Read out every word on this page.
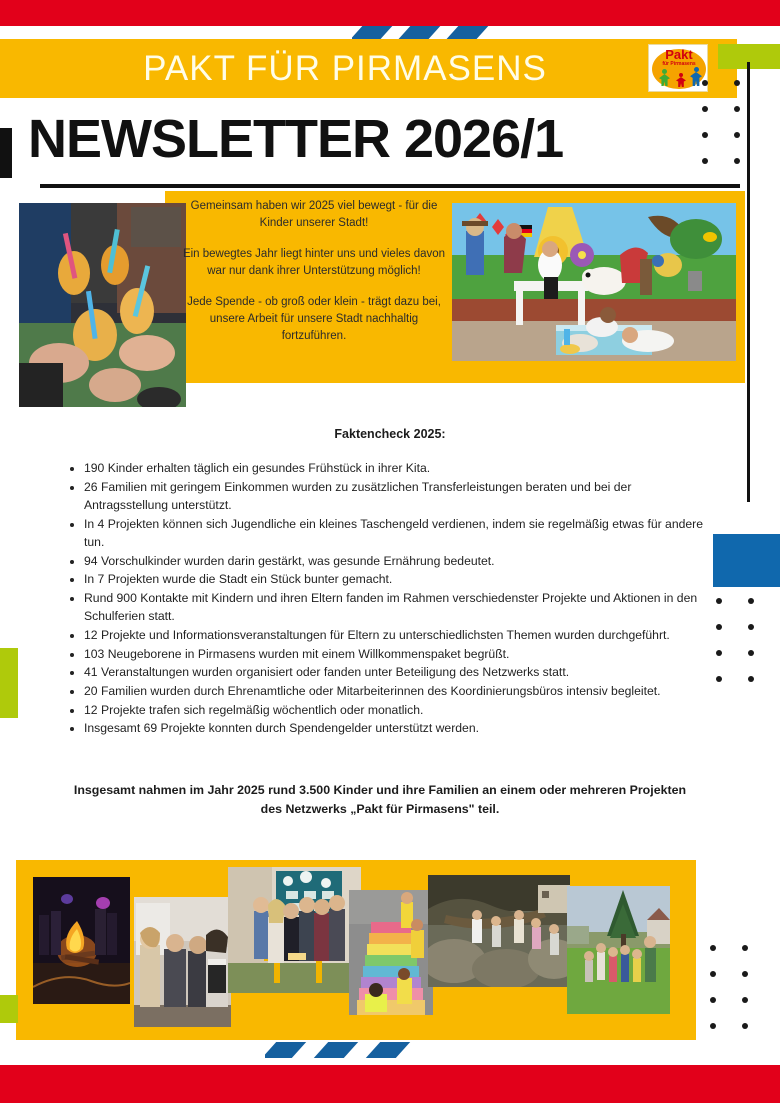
PAKT FÜR PIRMASENS	Pakt
für Pirmasens
NEWSLETTER 2026/1

Gemeinsam haben wir 2025 viel bewegt - für die Kinder unserer Stadt!

Ein bewegtes Jahr liegt hinter uns und vieles davon war nur dank ihrer Unterstützung möglich!

Jede Spende - ob groß oder klein - trägt dazu bei, unsere Arbeit für unsere Stadt nachhaltig fortzuführen.

Faktencheck 2025:
• 190 Kinder erhalten täglich ein gesundes Frühstück in ihrer Kita.
• 26 Familien mit geringem Einkommen wurden zu zusätzlichen Transferleistungen beraten und bei der Antragsstellung unterstützt.
• In 4 Projekten können sich Jugendliche ein kleines Taschengeld verdienen, indem sie regelmäßig etwas für andere tun.
• 94 Vorschulkinder wurden darin gestärkt, was gesunde Ernährung bedeutet.
• In 7 Projekten wurde die Stadt ein Stück bunter gemacht.
• Rund 900 Kontakte mit Kindern und ihren Eltern fanden im Rahmen verschiedenster Projekte und Aktionen in den Schulferien statt.
• 12 Projekte und Informationsveranstaltungen für Eltern zu unterschiedlichsten Themen wurden durchgeführt.
• 103 Neugeborene in Pirmasens wurden mit einem Willkommenspaket begrüßt.
• 41 Veranstaltungen wurden organisiert oder fanden unter Beteiligung des Netzwerks statt.
• 20 Familien wurden durch Ehrenamtliche oder Mitarbeiterinnen des Koordinierungsbüros intensiv begleitet.
• 12 Projekte trafen sich regelmäßig wöchentlich oder monatlich.
• Insgesamt 69 Projekte konnten durch Spendengelder unterstützt werden.
Insgesamt nahmen im Jahr 2025 rund 3.500 Kinder und ihre Familien an einem oder mehreren Projekten des Netzwerks „Pakt für Pirmasens" teil.
